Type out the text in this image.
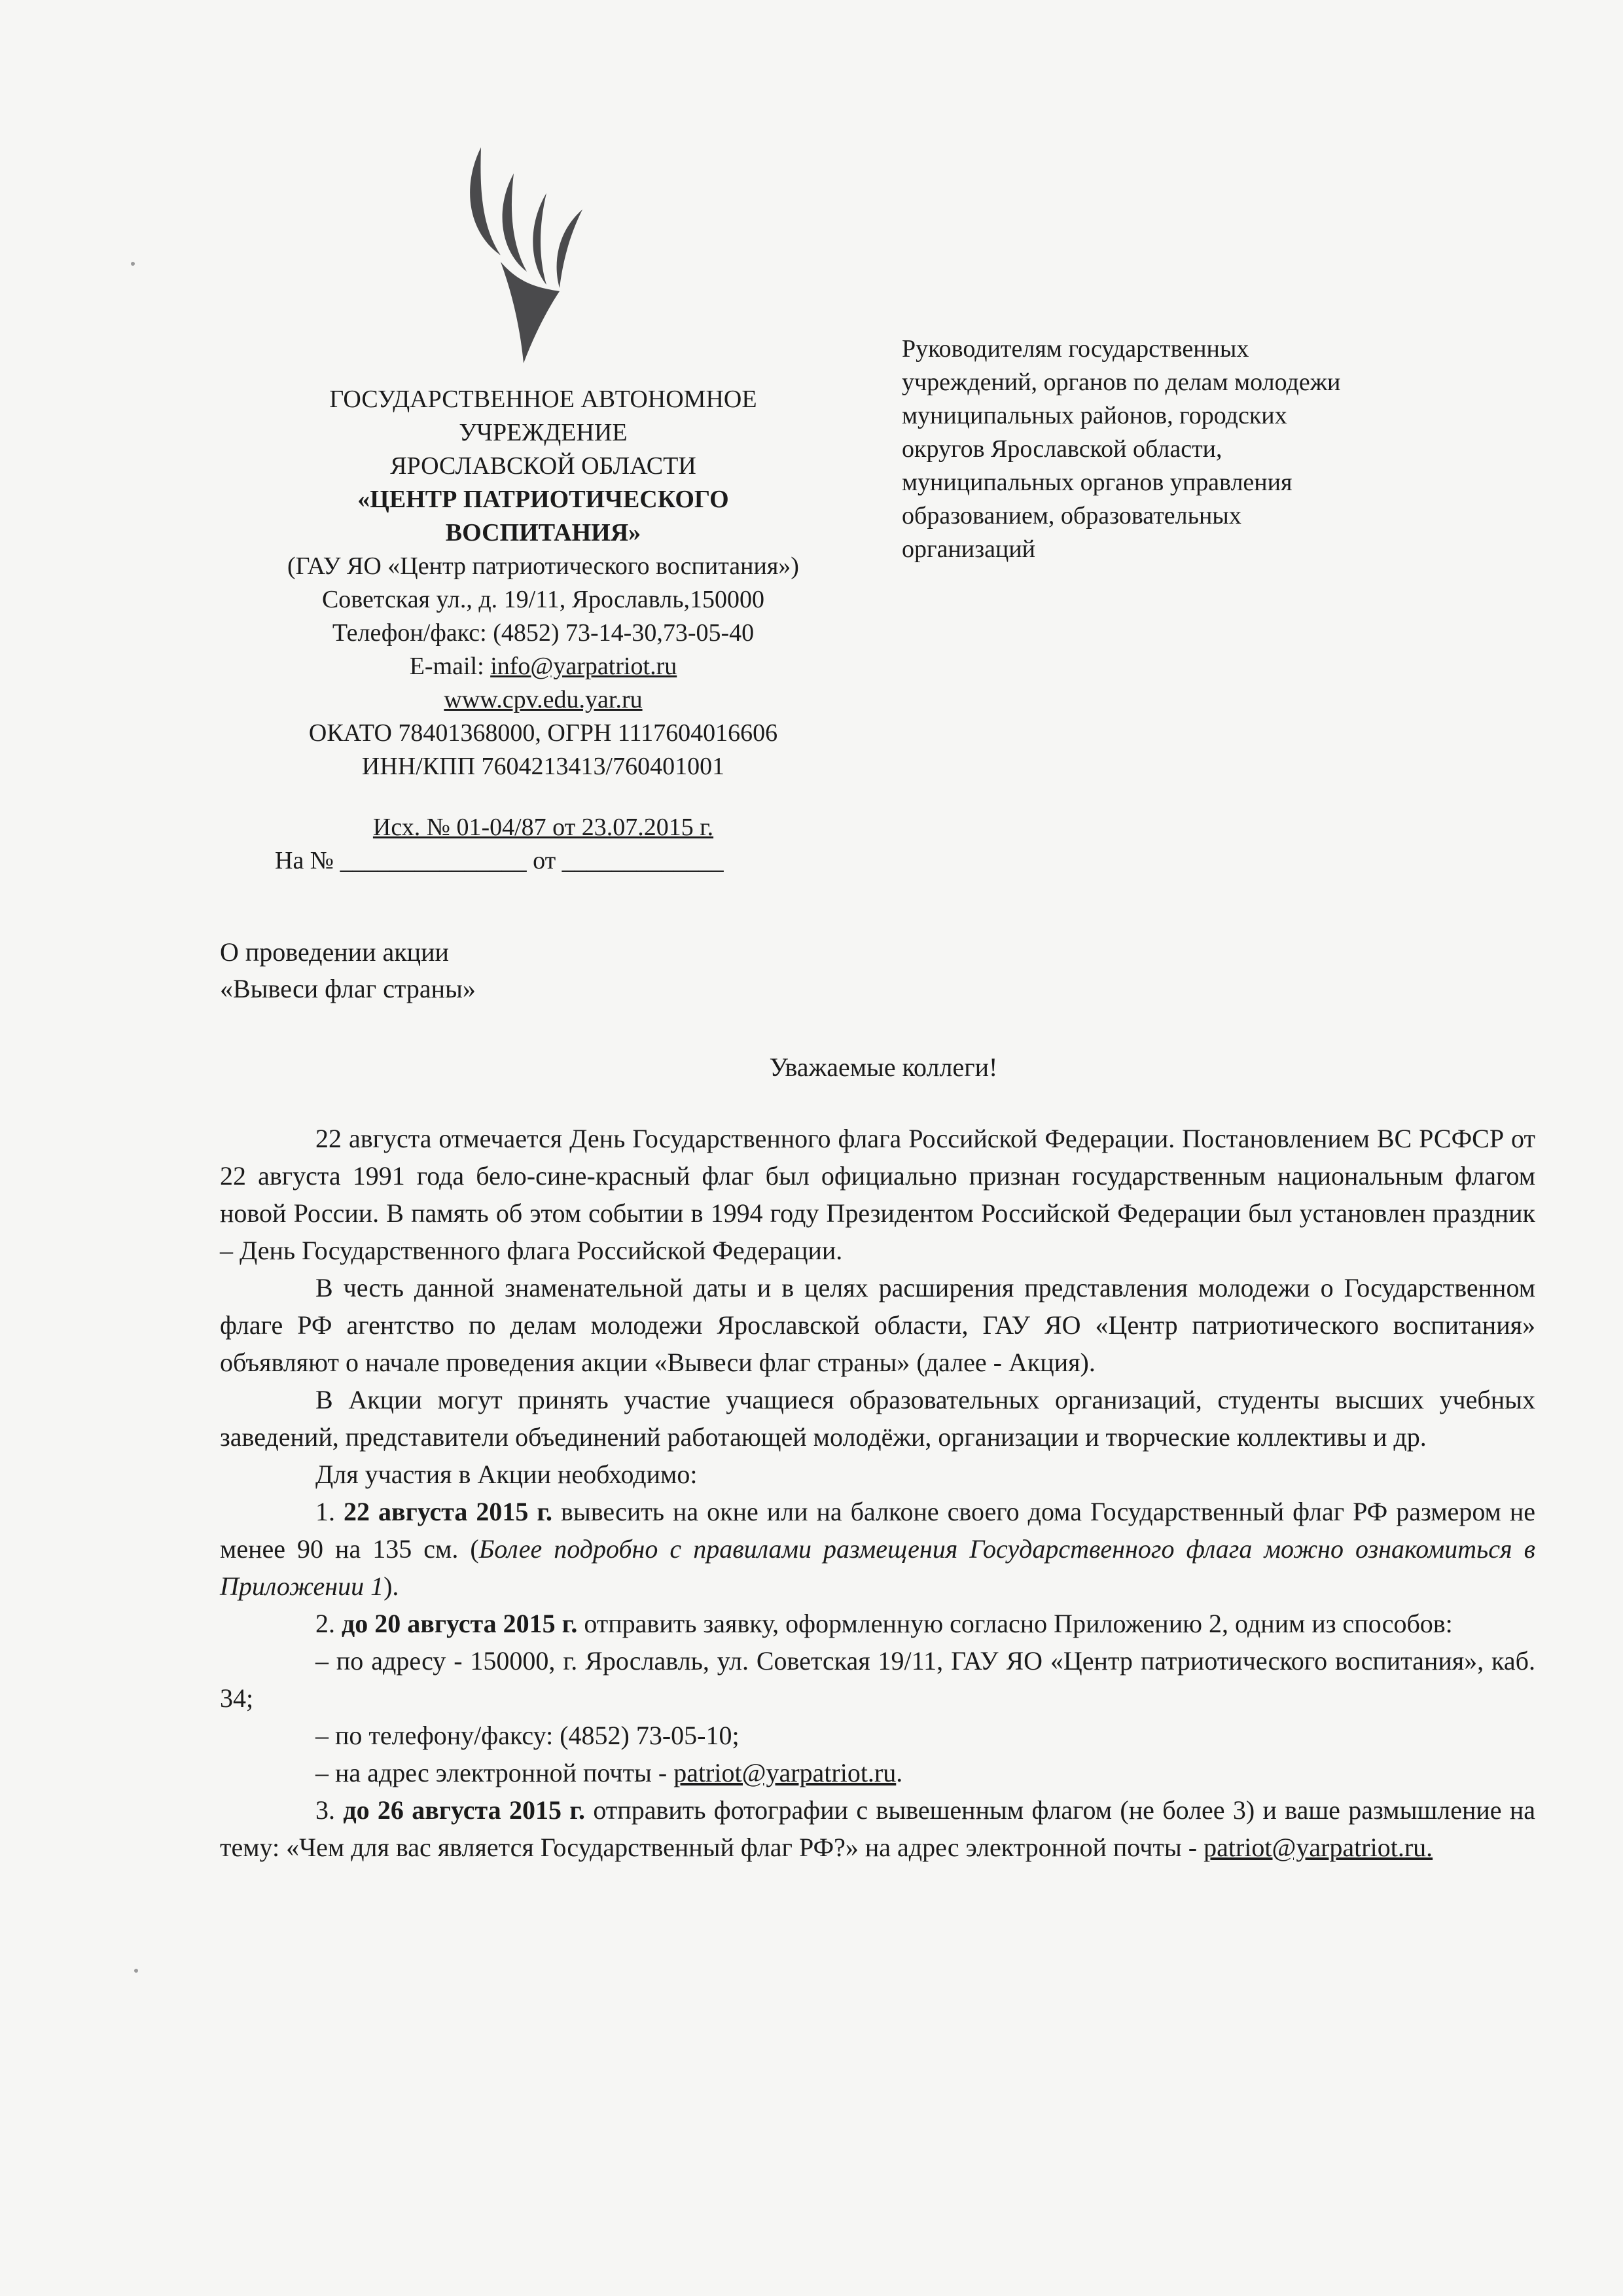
ГОСУДАРСТВЕННОЕ АВТОНОМНОЕ
УЧРЕЖДЕНИЕ
ЯРОСЛАВСКОЙ ОБЛАСТИ
«ЦЕНТР ПАТРИОТИЧЕСКОГО
ВОСПИТАНИЯ»
(ГАУ ЯО «Центр патриотического воспитания»)
Советская ул., д. 19/11, Ярославль,150000
Телефон/факс: (4852) 73-14-30,73-05-40
E-mail: info@yarpatriot.ru
www.cpv.edu.yar.ru
ОКАТО 78401368000, ОГРН 1117604016606
ИНН/КПП 7604213413/760401001
Исх. № 01-04/87 от 23.07.2015 г.
На № _______________ от _____________
Руководителям государственных
учреждений, органов по делам молодежи
муниципальных районов, городских
округов Ярославской области,
муниципальных органов управления
образованием, образовательных
организаций
О проведении акции
«Вывеси флаг страны»
Уважаемые коллеги!

22 августа отмечается День Государственного флага Российской Федерации. Постановлением ВС РСФСР от 22 августа 1991 года бело-сине-красный флаг был официально признан государственным национальным флагом новой России. В память об этом событии в 1994 году Президентом Российской Федерации был установлен праздник – День Государственного флага Российской Федерации.

В честь данной знаменательной даты и в целях расширения представления молодежи о Государственном флаге РФ агентство по делам молодежи Ярославской области, ГАУ ЯО «Центр патриотического воспитания» объявляют о начале проведения акции «Вывеси флаг страны» (далее - Акция).

В Акции могут принять участие учащиеся образовательных организаций, студенты высших учебных заведений, представители объединений работающей молодёжи, организации и творческие коллективы и др.

Для участия в Акции необходимо:

1. 22 августа 2015 г. вывесить на окне или на балконе своего дома Государственный флаг РФ размером не менее 90 на 135 см. (Более подробно с правилами размещения Государственного флага можно ознакомиться в Приложении 1).

2. до 20 августа 2015 г. отправить заявку, оформленную согласно Приложению 2, одним из способов:

– по адресу - 150000, г. Ярославль, ул. Советская 19/11, ГАУ ЯО «Центр патриотического воспитания», каб. 34;

– по телефону/факсу: (4852) 73-05-10;

– на адрес электронной почты - patriot@yarpatriot.ru.

3. до 26 августа 2015 г. отправить фотографии с вывешенным флагом (не более 3) и ваше размышление на тему: «Чем для вас является Государственный флаг РФ?» на адрес электронной почты - patriot@yarpatriot.ru.
